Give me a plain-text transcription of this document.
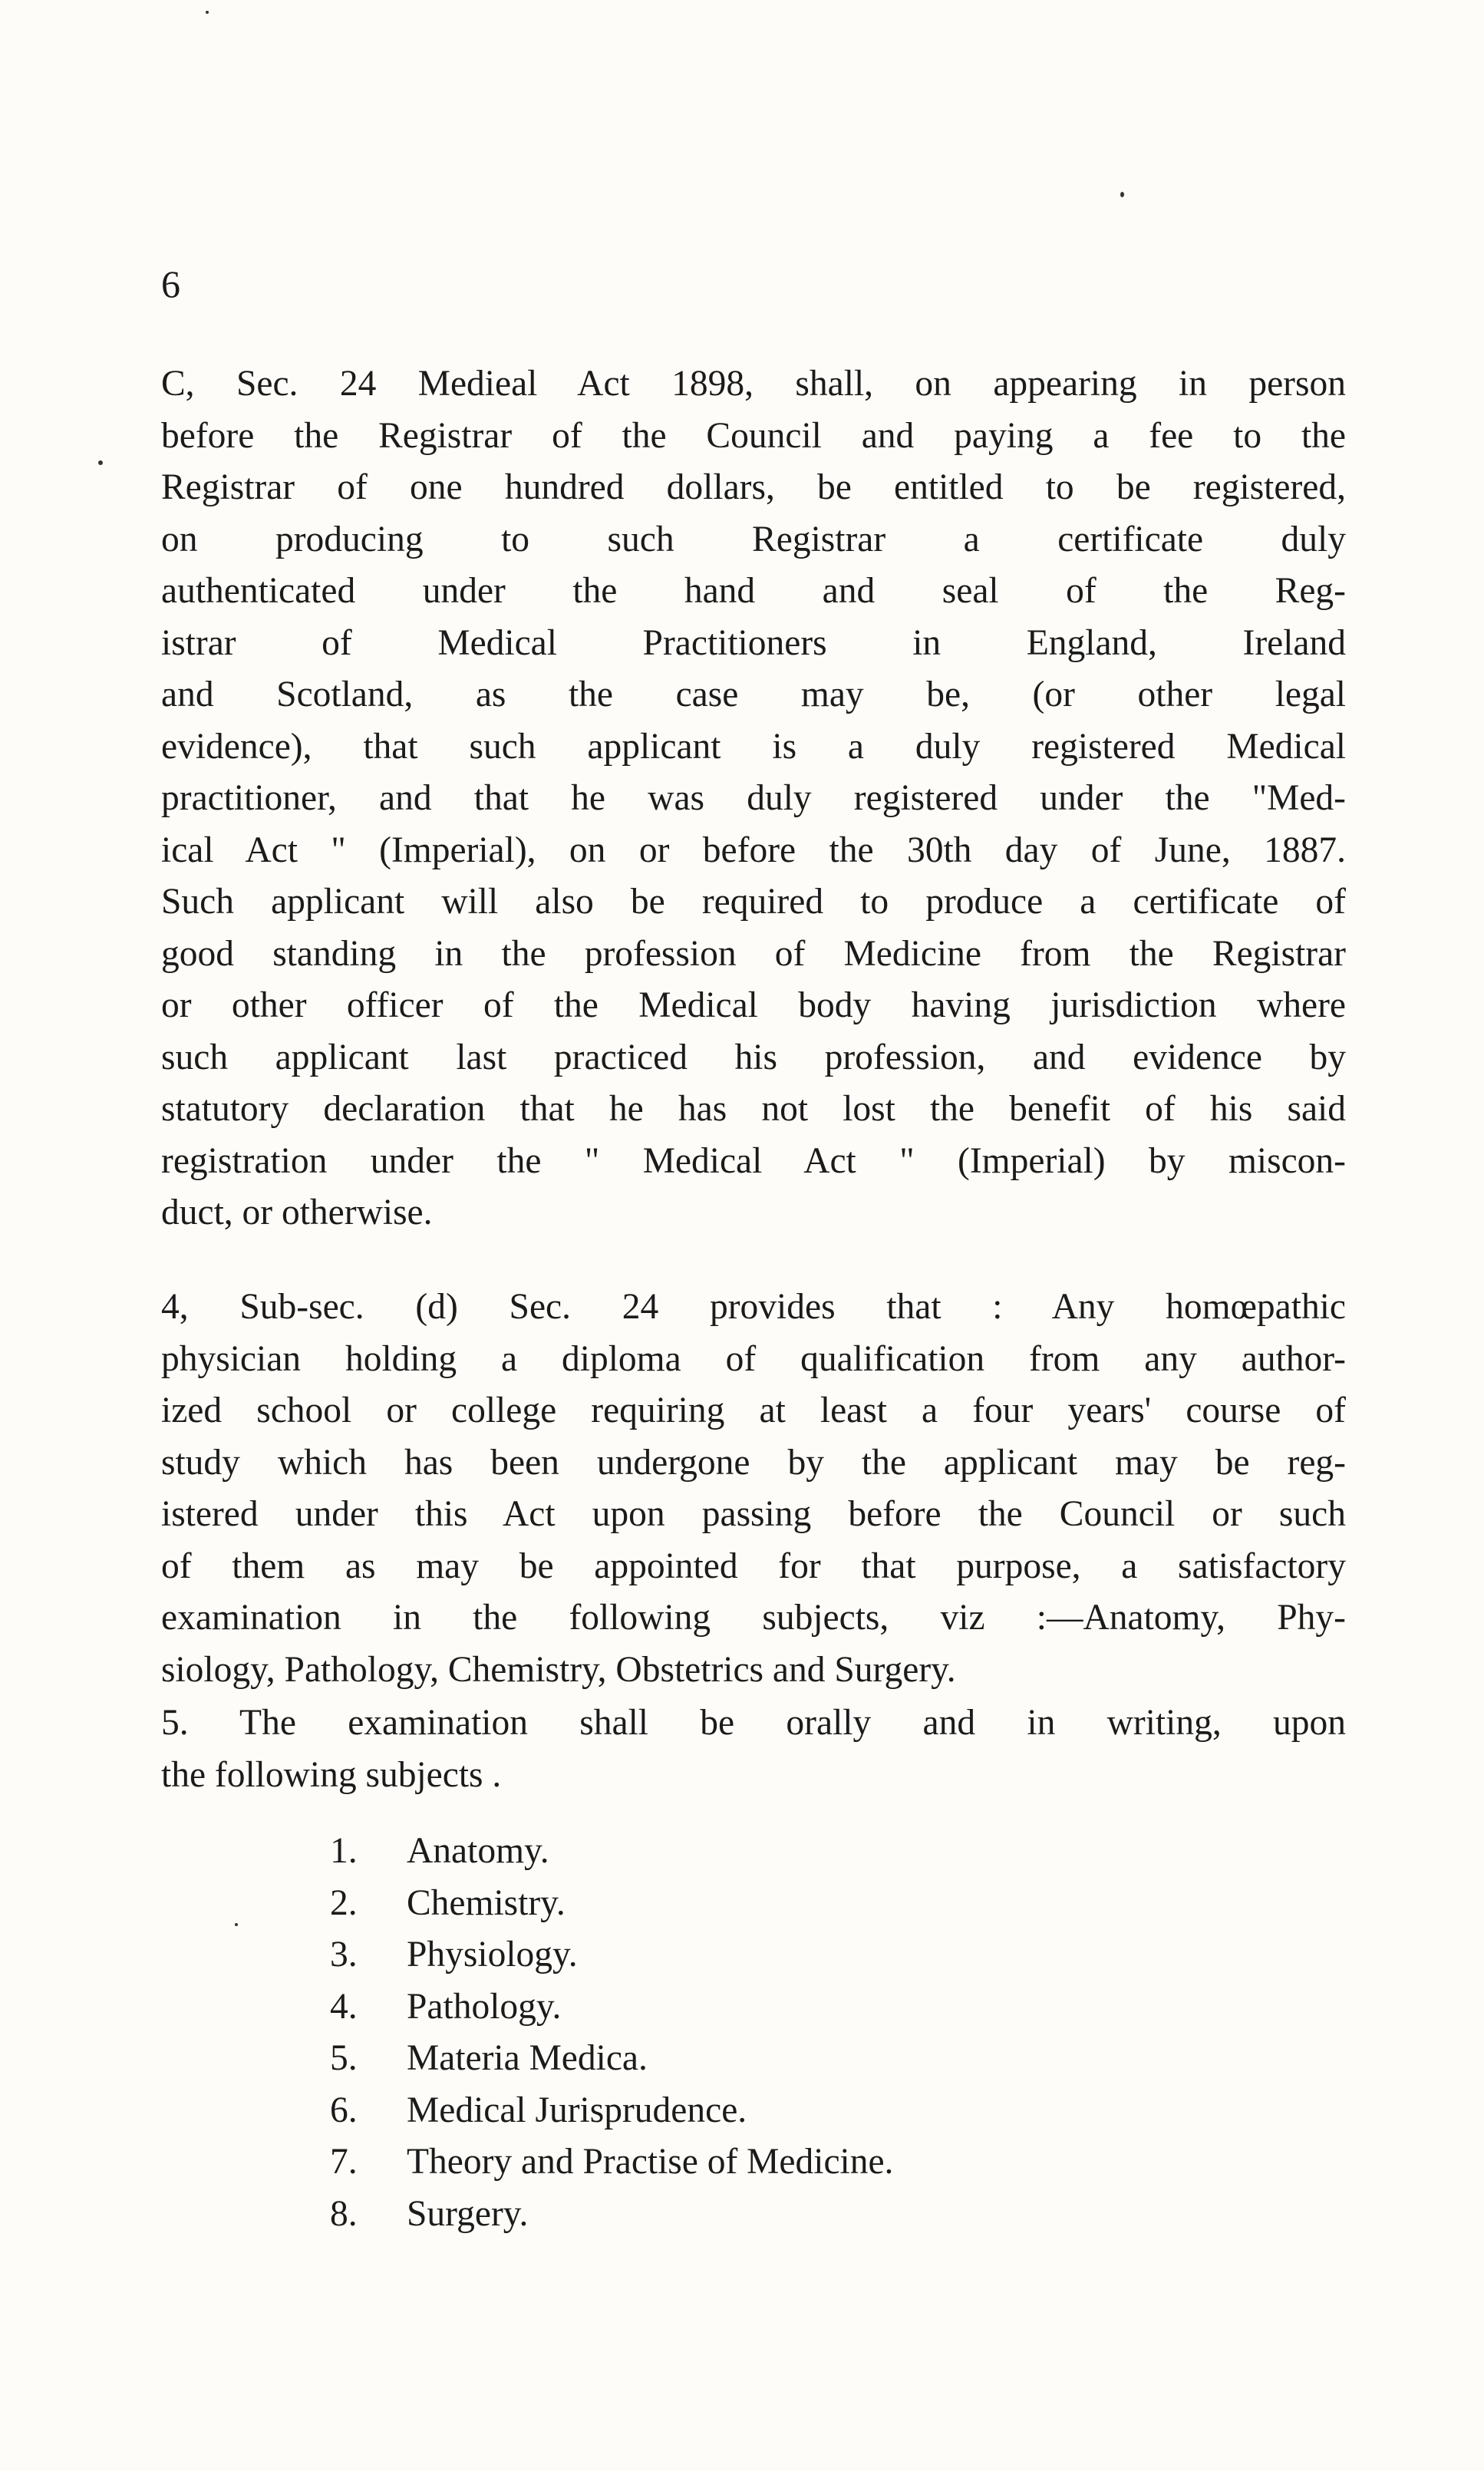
6
C, Sec. 24 Medieal Act 1898, shall, on appearing in person
before the Registrar of the Council and paying a fee to the
Registrar of one hundred dollars, be entitled to be registered,
on producing to such Registrar a certificate duly
authenticated under the hand and seal of the Reg-
istrar of Medical Practitioners in England, Ireland
and Scotland, as the case may be, (or other legal
evidence), that such applicant is a duly registered Medical
practitioner, and that he was duly registered under the "Med-
ical Act " (Imperial), on or before the 30th day of June, 1887.
Such applicant will also be required to produce a certificate of
good standing in the profession of Medicine from the Registrar
or other officer of the Medical body having jurisdiction where
such applicant last practiced his profession, and evidence by
statutory declaration that he has not lost the benefit of his said
registration under the " Medical Act " (Imperial) by miscon-
duct, or otherwise.
4, Sub-sec. (d) Sec. 24 provides that : Any homœpathic
physician holding a diploma of qualification from any author-
ized school or college requiring at least a four years' course of
study which has been undergone by the applicant may be reg-
istered under this Act upon passing before the Council or such
of them as may be appointed for that purpose, a satisfactory
examination in the following subjects, viz :—Anatomy, Phy-
siology, Pathology, Chemistry, Obstetrics and Surgery.
5. The examination shall be orally and in writing, upon
the following subjects .
1.	Anatomy.
2.	Chemistry.
3.	Physiology.
4.	Pathology.
5.	Materia Medica.
6.	Medical Jurisprudence.
7.	Theory and Practise of Medicine.
8.	Surgery.
